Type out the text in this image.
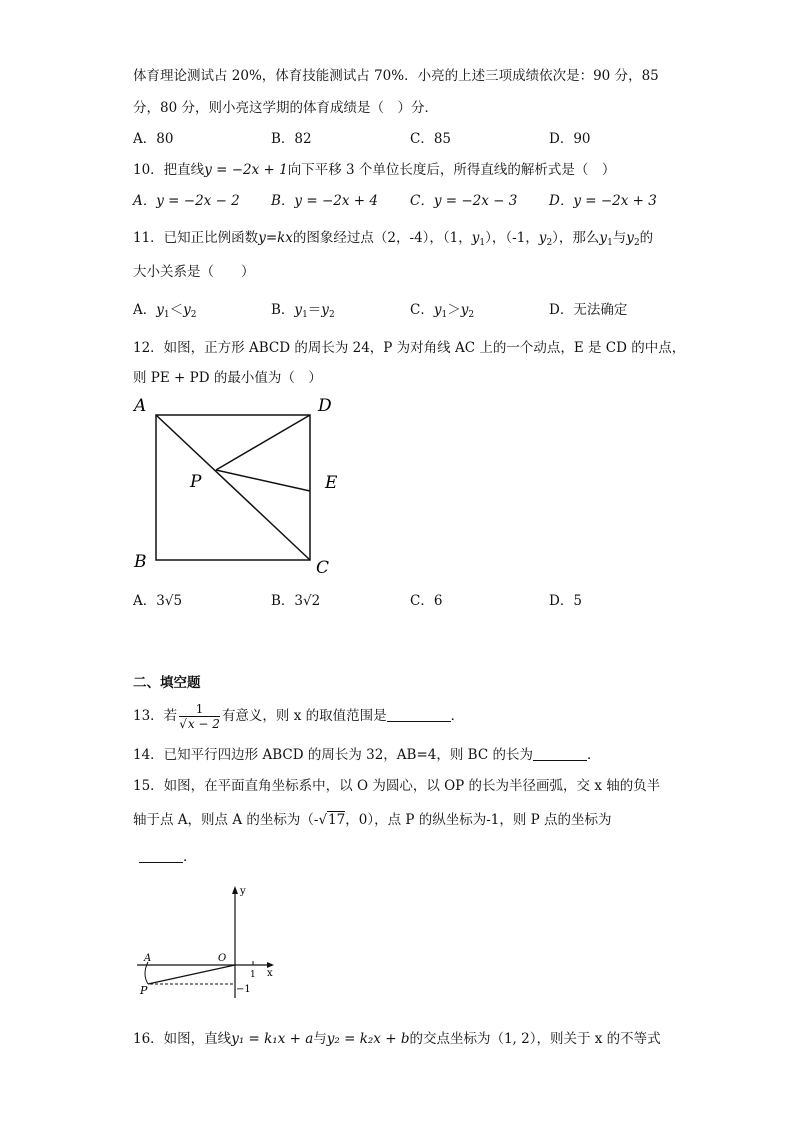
体育理论测试占 20%，体育技能测试占 70%．小亮的上述三项成绩依次是：90 分，85
分，80 分，则小亮这学期的体育成绩是（　）分．
A．80	B．82	C．85	D．90
10．把直线y = −2x + 1向下平移 3 个单位长度后，所得直线的解析式是（　）
A．y = −2x − 2 B．y = −2x + 4 C．y = −2x − 3 D．y = −2x + 3
11．已知正比例函数y=kx的图象经过点（2，-4），（1，$y_1$），（-1，$y_2$），那么$y_1$与$y_2$的
大小关系是（　　）
A．$y_1<y_2$	B．$y_1=y_2$	C．$y_1>y_2$	D．无法确定
12．如图，正方形 ABCD 的周长为 24，P 为对角线 AC 上的一个动点，E 是 CD 的中点，
则 PE + PD 的最小值为（　）
A	D
B	C
E
P
A．3√5	B．3√2	C．6	D．5
二、填空题
13．若 $\frac{1}{√x - 2}$ 有意义，则 x 的取值范围是	．
14．已知平行四边形 ABCD 的周长为 32，AB=4，则 BC 的长为	．
15．如图，在平面直角坐标系中，以 O 为圆心，以 OP 的长为半径画弧，交 x 轴的负半
轴于点 A，则点 A 的坐标为（-√17，0），点 P 的纵坐标为-1，则 P 点的坐标为
．
y
x
O
A
P
1
−1
16．如图，直线y₁ = k₁x + a与y₂ = k₂x + b的交点坐标为（1, 2），则关于 x 的不等式
